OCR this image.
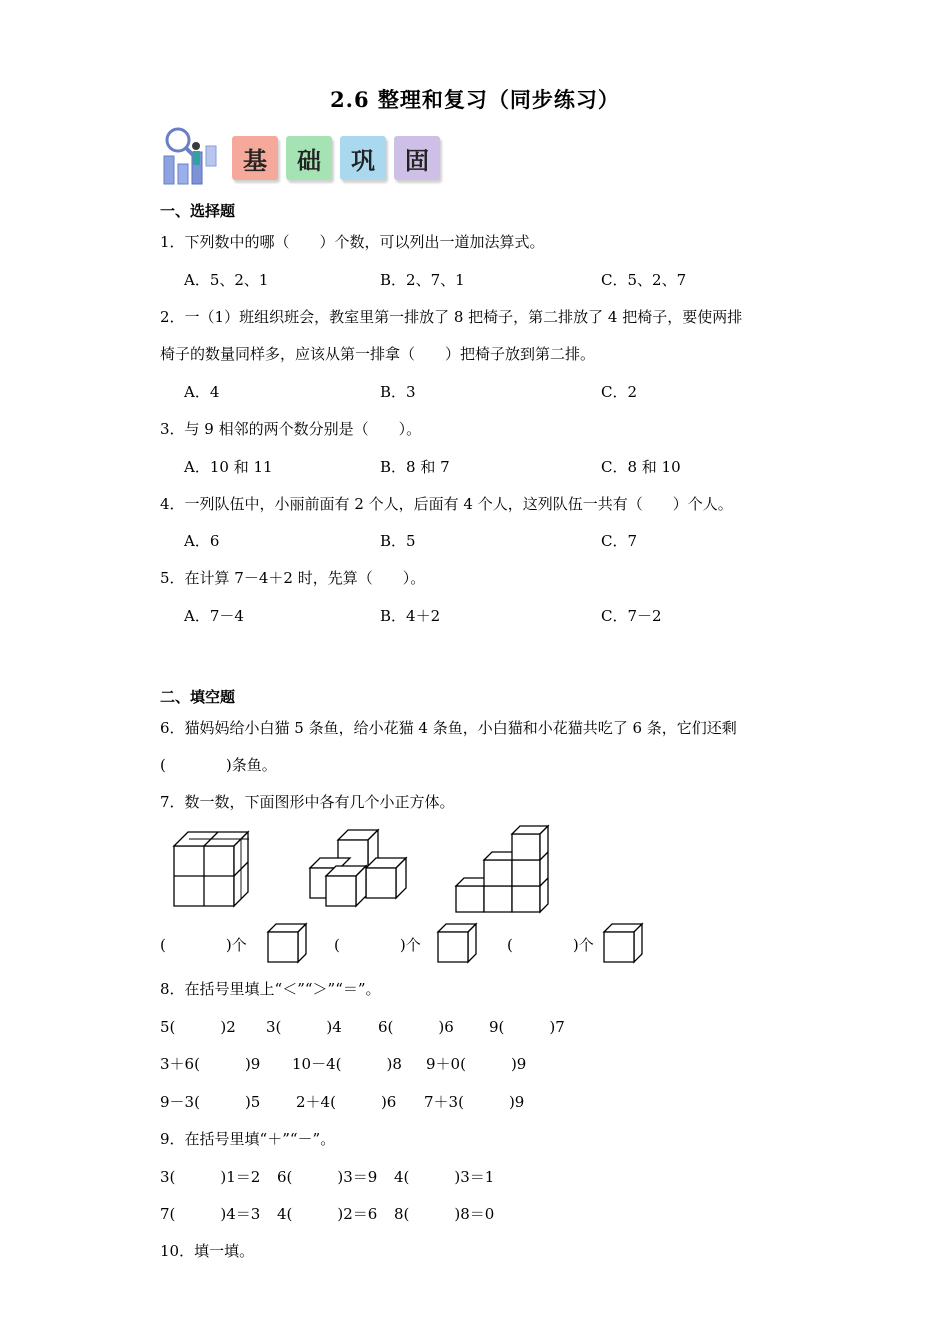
2.6 整理和复习（同步练习）
基	础	巩	固
一、选择题
1．下列数中的哪（　　）个数，可以列出一道加法算式。
A．5、2、1	B．2、7、1	C．5、2、7
2．一（1）班组织班会，教室里第一排放了 8 把椅子，第二排放了 4 把椅子，要使两排
椅子的数量同样多，应该从第一排拿（　　）把椅子放到第二排。
A．4	B．3	C．2
3．与 9 相邻的两个数分别是（　　）。
A．10 和 11	B．8 和 7	C．8 和 10
4．一列队伍中，小丽前面有 2 个人，后面有 4 个人，这列队伍一共有（　　）个人。
A．6	B．5	C．7
5．在计算 7－4＋2 时，先算（　　）。
A．7－4	B．4＋2	C．7－2
二、填空题
6．猫妈妈给小白猫 5 条鱼，给小花猫 4 条鱼，小白猫和小花猫共吃了 6 条，它们还剩
(　　　　)条鱼。
7．数一数，下面图形中各有几个小正方体。
(　　　　)个	(　　　　)个	(　　　　)个
8．在括号里填上“＜”“＞”“＝”。
5(　　　)2 3(　　　)4 6(　　　)6 9(　　　)7
3＋6(　　　)9 10－4(　　　)8 9＋0(　　　)9
9－3(　　　)5 2＋4(　　　)6 7＋3(　　　)9
9．在括号里填“＋”“－”。
3(　　　)1＝2 6(　　　)3＝9 4(　　　)3＝1
7(　　　)4＝3 4(　　　)2＝6 8(　　　)8＝0
10．填一填。
